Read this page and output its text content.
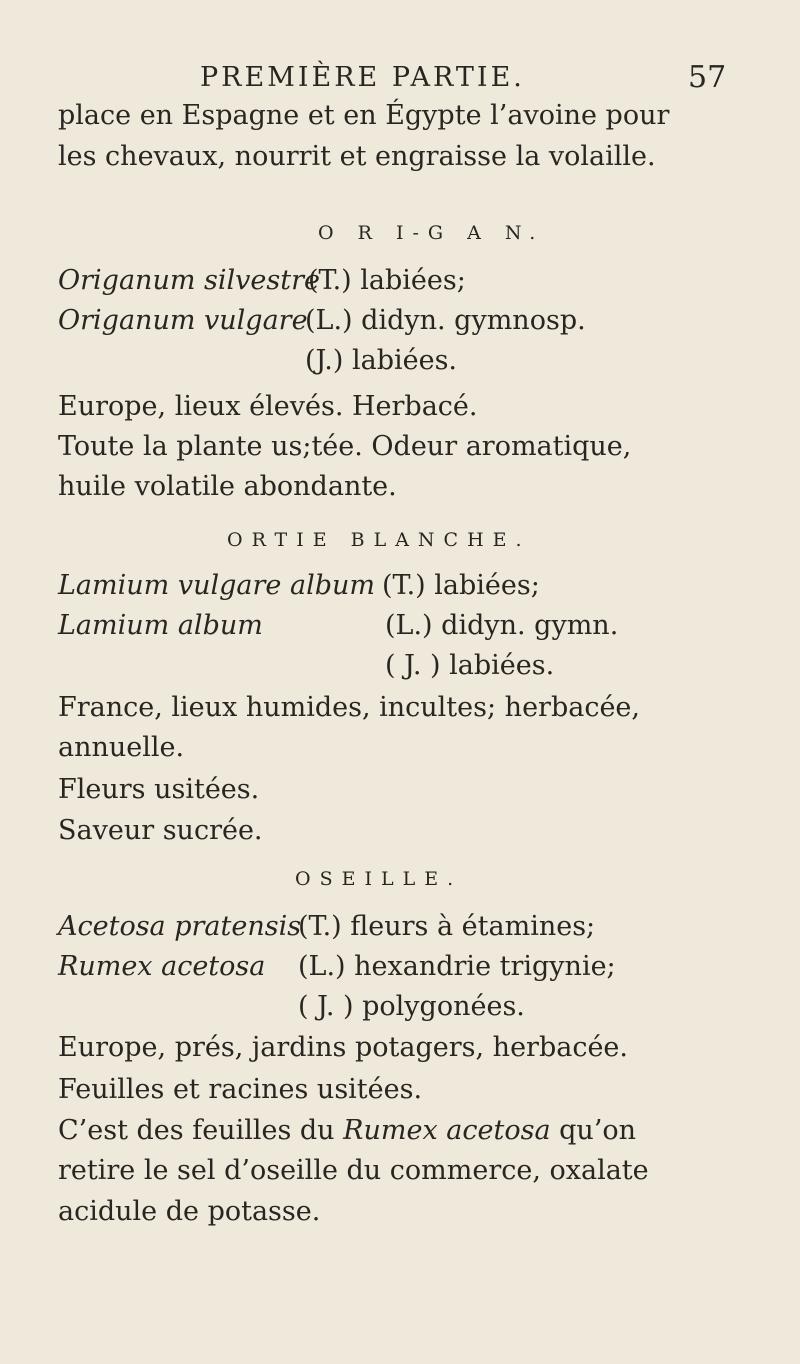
PREMIÈRE PARTIE.	57
place en Espagne et en Égypte l’avoine pour
les chevaux, nourrit et engraisse la volaille.
O R I-G A N.
Origanum silvestre
(T.) labiées;
Origanum vulgare
(L.) didyn. gymnosp.
(J.) labiées.
Europe, lieux élevés. Herbacé.
Toute la plante us;tée. Odeur aromatique,
huile volatile abondante.
ORTIE BLANCHE.
Lamium vulgare album (T.) labiées;
Lamium album	(L.) didyn. gymn.
( J. ) labiées.
France, lieux humides, incultes; herbacée,
annuelle.
Fleurs usitées.
Saveur sucrée.
OSEILLE.
Acetosa pratensis
(T.) fleurs à étamines;
Rumex acetosa (L.) hexandrie trigynie;
( J. ) polygonées.
Europe, prés, jardins potagers, herbacée.
Feuilles et racines usitées.
C’est des feuilles du Rumex acetosa qu’on
retire le sel d’oseille du commerce, oxalate
acidule de potasse.
